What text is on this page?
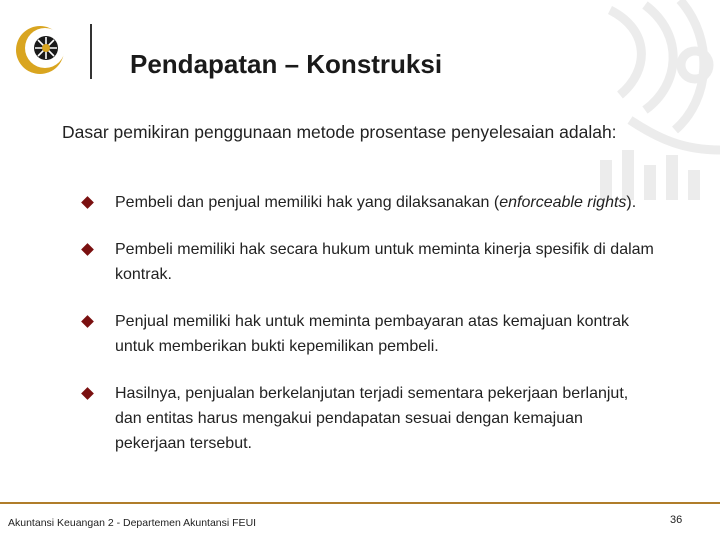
Pendapatan – Konstruksi
Dasar pemikiran penggunaan metode prosentase penyelesaian adalah:
Pembeli dan penjual memiliki hak yang dilaksanakan (enforceable rights).
Pembeli memiliki hak secara hukum untuk meminta kinerja spesifik di dalam kontrak.
Penjual memiliki hak untuk meminta pembayaran atas kemajuan kontrak untuk memberikan bukti kepemilikan pembeli.
Hasilnya, penjualan berkelanjutan terjadi sementara pekerjaan berlanjut, dan entitas harus mengakui pendapatan sesuai dengan kemajuan pekerjaan tersebut.
Akuntansi Keuangan 2 - Departemen Akuntansi FEUI	36
